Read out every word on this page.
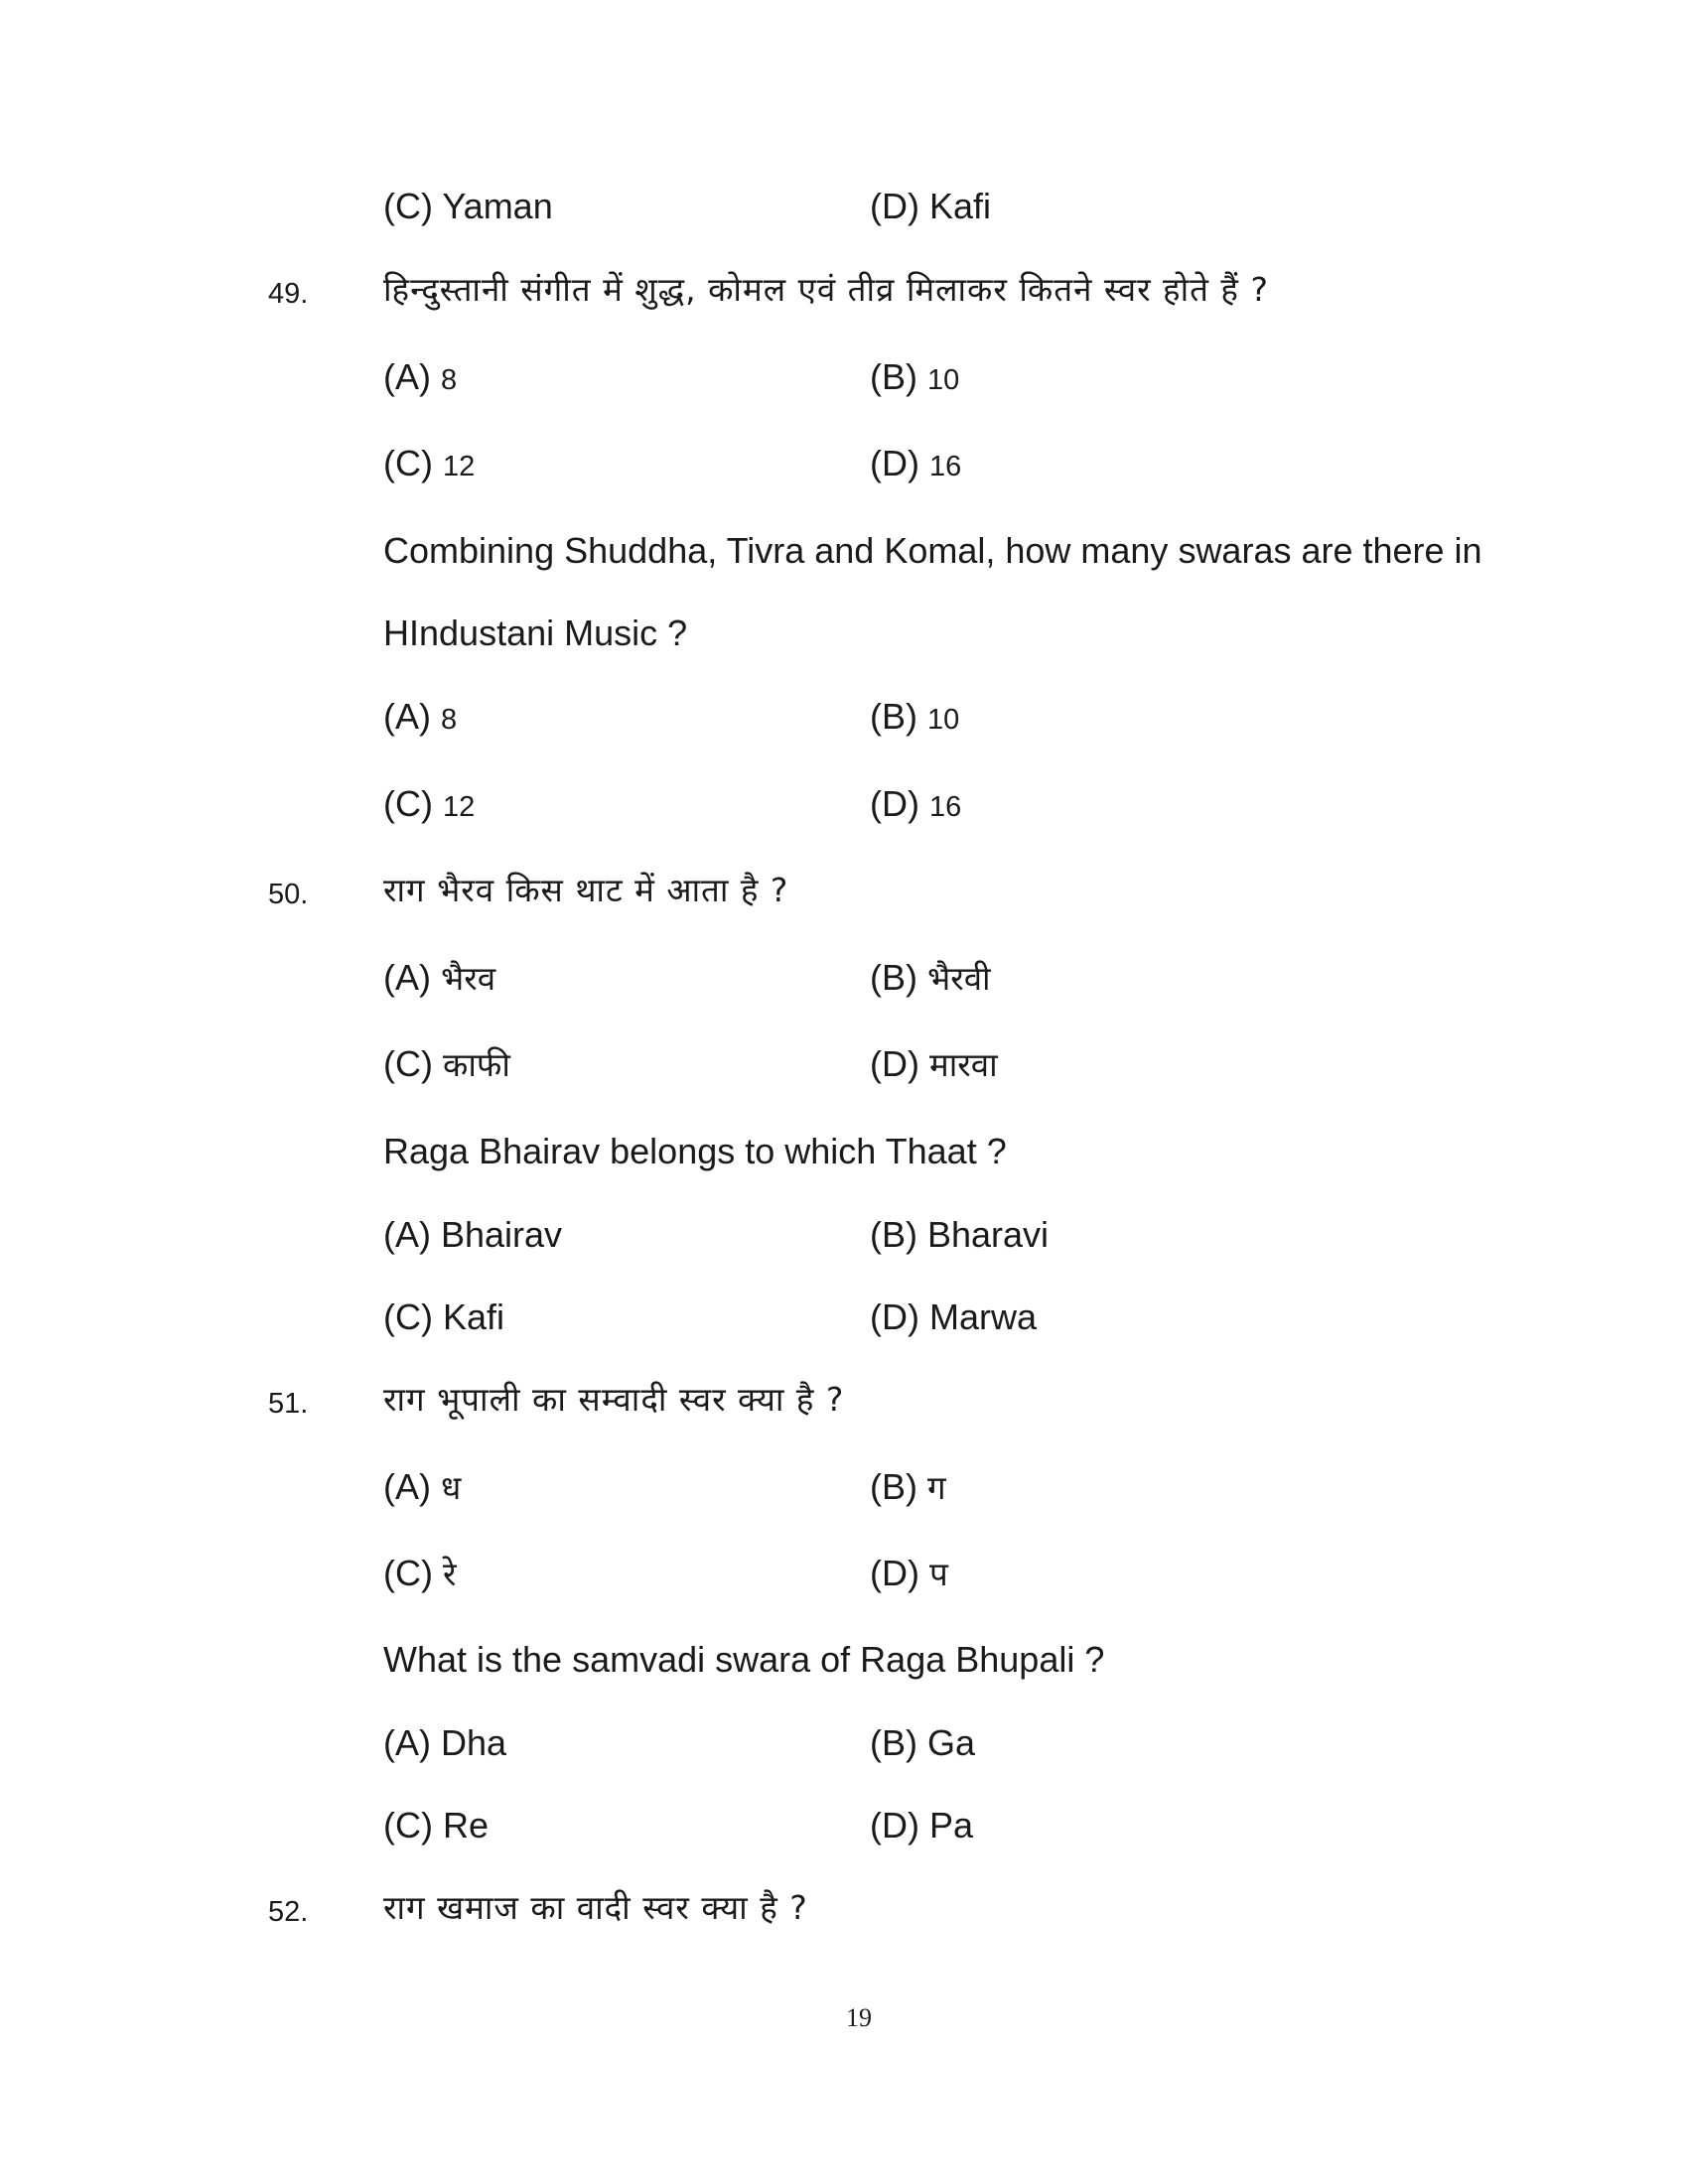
(C) Yaman	(D) Kafi
49. हिन्दुस्तानी संगीत में शुद्ध, कोमल एवं तीव्र मिलाकर कितने स्वर होते हैं ?
(A) 8	(B) 10
(C) 12	(D) 16
Combining Shuddha, Tivra and Komal, how many swaras are there in
HIndustani Music ?
(A) 8	(B) 10
(C) 12	(D) 16
50. राग भैरव किस थाट में आता है ?
(A) भैरव	(B) भैरवी
(C) काफी	(D) मारवा
Raga Bhairav belongs to which Thaat ?
(A) Bhairav	(B) Bharavi
(C) Kafi	(D) Marwa
51. राग भूपाली का सम्वादी स्वर क्या है ?
(A) ध	(B) ग
(C) रे	(D) प
What is the samvadi swara of Raga Bhupali ?
(A) Dha	(B) Ga
(C) Re	(D) Pa
52. राग खमाज का वादी स्वर क्या है ?
19
